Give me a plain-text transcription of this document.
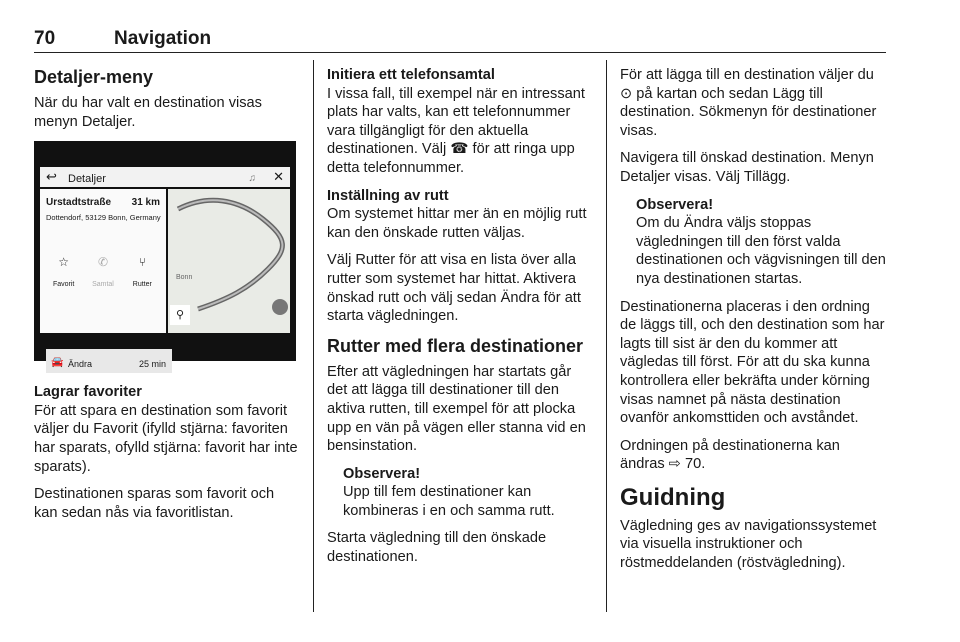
70	Navigation
Detaljer-meny

När du har valt en destination visas menyn Detaljer.

↩ Detaljer	♫ ✕
Urstadtstraße 31 km
Dottendorf, 53129 Bonn, Germany
☆
Favorit
✆
Samtal
⑂
Rutter
🚘 Ändra	25 min
Bonn
⚲
Lagrar favoriter

För att spara en destination som favorit väljer du Favorit (ifylld stjärna: favoriten har sparats, ofylld stjärna: favorit har inte sparats).

Destinationen sparas som favorit och kan sedan nås via favoritlistan.

Initiera ett telefonsamtal

I vissa fall, till exempel när en intressant plats har valts, kan ett telefonnummer vara tillgängligt för den aktuella destinationen. Välj ☎ för att ringa upp detta telefonnummer.

Inställning av rutt

Om systemet hittar mer än en möjlig rutt kan den önskade rutten väljas.

Välj Rutter för att visa en lista över alla rutter som systemet har hittat. Aktivera önskad rutt och välj sedan Ändra för att starta vägledningen.

Rutter med flera destinationer

Efter att vägledningen har startats går det att lägga till destinationer till den aktiva rutten, till exempel för att plocka upp en vän på vägen eller stanna vid en bensinstation.

Observera!
Upp till fem destinationer kan kombineras i en och samma rutt.

Starta vägledning till den önskade destinationen.

För att lägga till en destination väljer du ⊙ på kartan och sedan Lägg till destination. Sökmenyn för destinationer visas.

Navigera till önskad destination. Menyn Detaljer visas. Välj Tillägg.

Observera!
Om du Ändra väljs stoppas vägledningen till den först valda destinationen och vägvisningen till den nya destinationen startas.

Destinationerna placeras i den ordning de läggs till, och den destination som har lagts till sist är den du kommer att vägledas till först. För att du ska kunna kontrollera eller bekräfta under körning visas namnet på nästa destination ovanför ankomsttiden och avståndet.

Ordningen på destinationerna kan ändras ⇨ 70.

Guidning

Vägledning ges av navigationssystemet via visuella instruktioner och röstmeddelanden (röstvägledning).
